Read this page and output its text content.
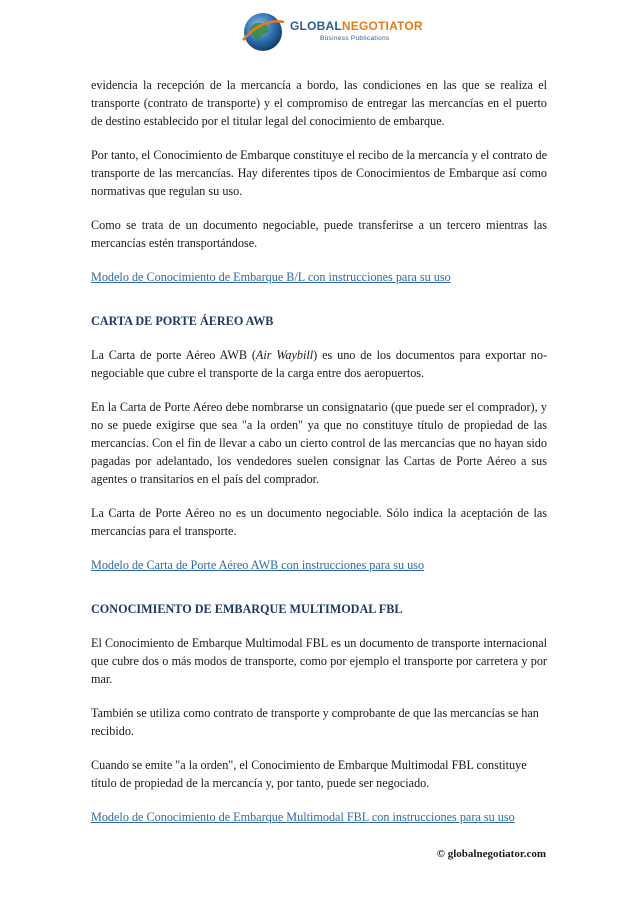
GLOBALNEGOTIATOR
Business Publications

evidencia la recepción de la mercancía a bordo, las condiciones en las que se realiza el transporte (contrato de transporte) y el compromiso de entregar las mercancías en el puerto de destino establecido por el titular legal del conocimiento de embarque.

Por tanto, el Conocimiento de Embarque constituye el recibo de la mercancía y el contrato de transporte de las mercancías. Hay diferentes tipos de Conocimientos de Embarque así como normativas que regulan su uso.

Como se trata de un documento negociable, puede transferirse a un tercero mientras las mercancías estén transportándose.

Modelo de Conocimiento de Embarque B/L con instrucciones para su uso

CARTA DE PORTE ÁEREO AWB

La Carta de porte Aéreo AWB (Air Waybill) es uno de los documentos para exportar no-negociable que cubre el transporte de la carga entre dos aeropuertos.

En la Carta de Porte Aéreo debe nombrarse un consignatario (que puede ser el comprador), y no se puede exigirse que sea "a la orden" ya que no constituye título de propiedad de las mercancías. Con el fin de llevar a cabo un cierto control de las mercancías que no hayan sido pagadas por adelantado, los vendedores suelen consignar las Cartas de Porte Aéreo a sus agentes o transitarios en el país del comprador.

La Carta de Porte Aéreo no es un documento negociable. Sólo indica la aceptación de las mercancías para el transporte.

Modelo de Carta de Porte Aéreo AWB con instrucciones para su uso

CONOCIMIENTO DE EMBARQUE MULTIMODAL FBL

El Conocimiento de Embarque Multimodal FBL es un documento de transporte internacional que cubre dos o más modos de transporte, como por ejemplo el transporte por carretera y por mar.

También se utiliza como contrato de transporte y comprobante de que las mercancías se han recibido.

Cuando se emite "a la orden", el Conocimiento de Embarque Multimodal FBL constituye título de propiedad de la mercancía y, por tanto, puede ser negociado.

Modelo de Conocimiento de Embarque Multimodal FBL con instrucciones para su uso

© globalnegotiator.com
